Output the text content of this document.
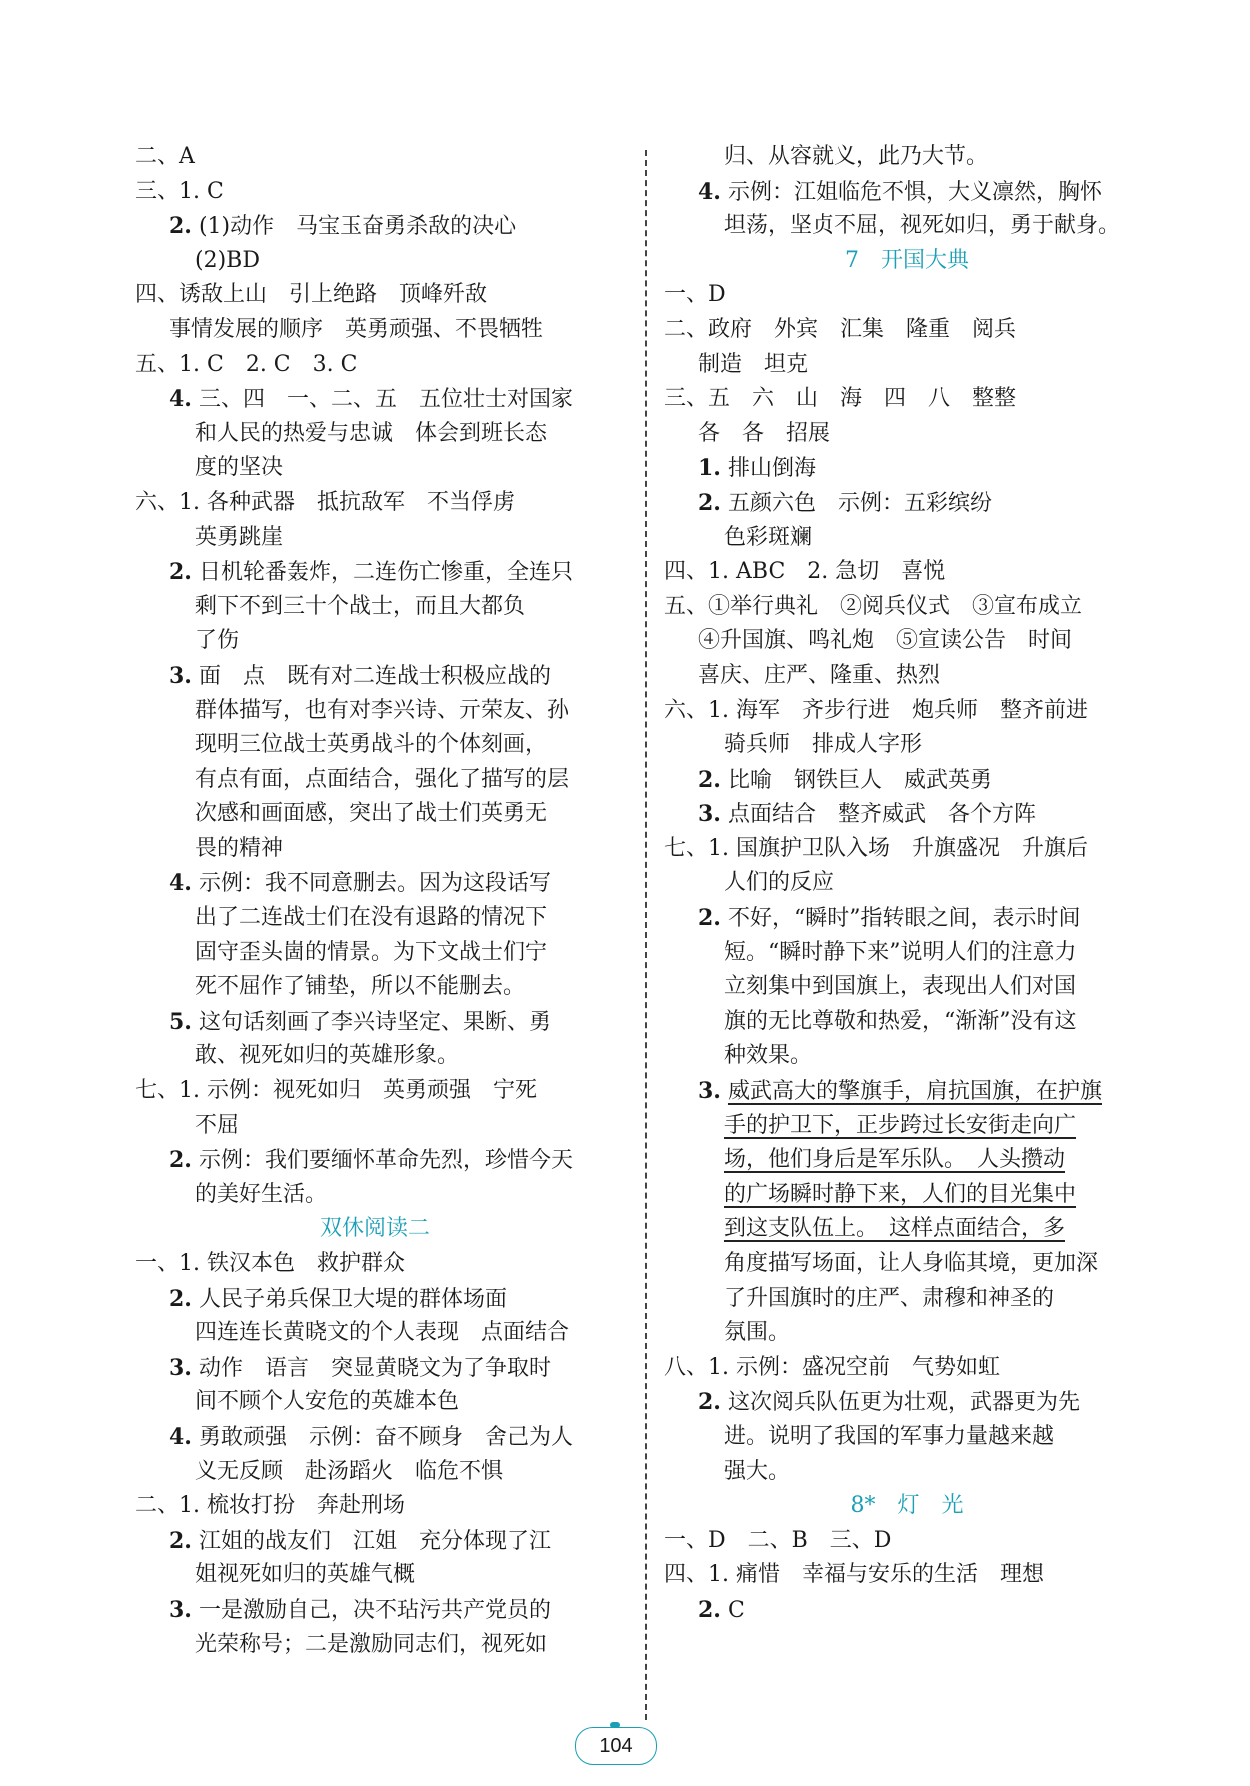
二、A
三、1. C
2. (1)动作　马宝玉奋勇杀敌的决心
(2)BD
四、诱敌上山　引上绝路　顶峰歼敌
事情发展的顺序　英勇顽强、不畏牺牲
五、1. C　2. C　3. C
4. 三、四　一、二、五　五位壮士对国家
和人民的热爱与忠诚　体会到班长态
度的坚决
六、1. 各种武器　抵抗敌军　不当俘虏
英勇跳崖
2. 日机轮番轰炸，二连伤亡惨重，全连只
剩下不到三十个战士，而且大都负
了伤
3. 面　点　既有对二连战士积极应战的
群体描写，也有对李兴诗、亓荣友、孙
现明三位战士英勇战斗的个体刻画，
有点有面，点面结合，强化了描写的层
次感和画面感，突出了战士们英勇无
畏的精神
4. 示例：我不同意删去。因为这段话写
出了二连战士们在没有退路的情况下
固守歪头崮的情景。为下文战士们宁
死不屈作了铺垫，所以不能删去。
5. 这句话刻画了李兴诗坚定、果断、勇
敢、视死如归的英雄形象。
七、1. 示例：视死如归　英勇顽强　宁死
不屈
2. 示例：我们要缅怀革命先烈，珍惜今天
的美好生活。
双休阅读二
一、1. 铁汉本色　救护群众
2. 人民子弟兵保卫大堤的群体场面
四连连长黄晓文的个人表现　点面结合
3. 动作　语言　突显黄晓文为了争取时
间不顾个人安危的英雄本色
4. 勇敢顽强　示例：奋不顾身　舍己为人
义无反顾　赴汤蹈火　临危不惧
二、1. 梳妆打扮　奔赴刑场
2. 江姐的战友们　江姐　充分体现了江
姐视死如归的英雄气概
3. 一是激励自己，决不玷污共产党员的
光荣称号；二是激励同志们，视死如
归、从容就义，此乃大节。
4. 示例：江姐临危不惧，大义凛然，胸怀
坦荡，坚贞不屈，视死如归，勇于献身。
7　开国大典
一、D
二、政府　外宾　汇集　隆重　阅兵
制造　坦克
三、五　六　山　海　四　八　整整
各　各　招展
1. 排山倒海
2. 五颜六色　示例：五彩缤纷
色彩斑斓
四、1. ABC　2. 急切　喜悦
五、①举行典礼　②阅兵仪式　③宣布成立
④升国旗、鸣礼炮　⑤宣读公告　时间
喜庆、庄严、隆重、热烈
六、1. 海军　齐步行进　炮兵师　整齐前进
骑兵师　排成人字形
2. 比喻　钢铁巨人　威武英勇
3. 点面结合　整齐威武　各个方阵
七、1. 国旗护卫队入场　升旗盛况　升旗后
人们的反应
2. 不好，“瞬时”指转眼之间，表示时间
短。“瞬时静下来”说明人们的注意力
立刻集中到国旗上，表现出人们对国
旗的无比尊敬和热爱，“渐渐”没有这
种效果。
3. 威武高大的擎旗手，肩抗国旗，在护旗
手的护卫下，正步跨过长安街走向广
场，他们身后是军乐队。　人头攒动
的广场瞬时静下来，人们的目光集中
到这支队伍上。　这样点面结合，多
角度描写场面，让人身临其境，更加深
了升国旗时的庄严、肃穆和神圣的
氛围。
八、1. 示例：盛况空前　气势如虹
2. 这次阅兵队伍更为壮观，武器更为先
进。说明了我国的军事力量越来越
强大。
8*　灯　光
一、D　二、B　三、D
四、1. 痛惜　幸福与安乐的生活　理想
2. C
104
